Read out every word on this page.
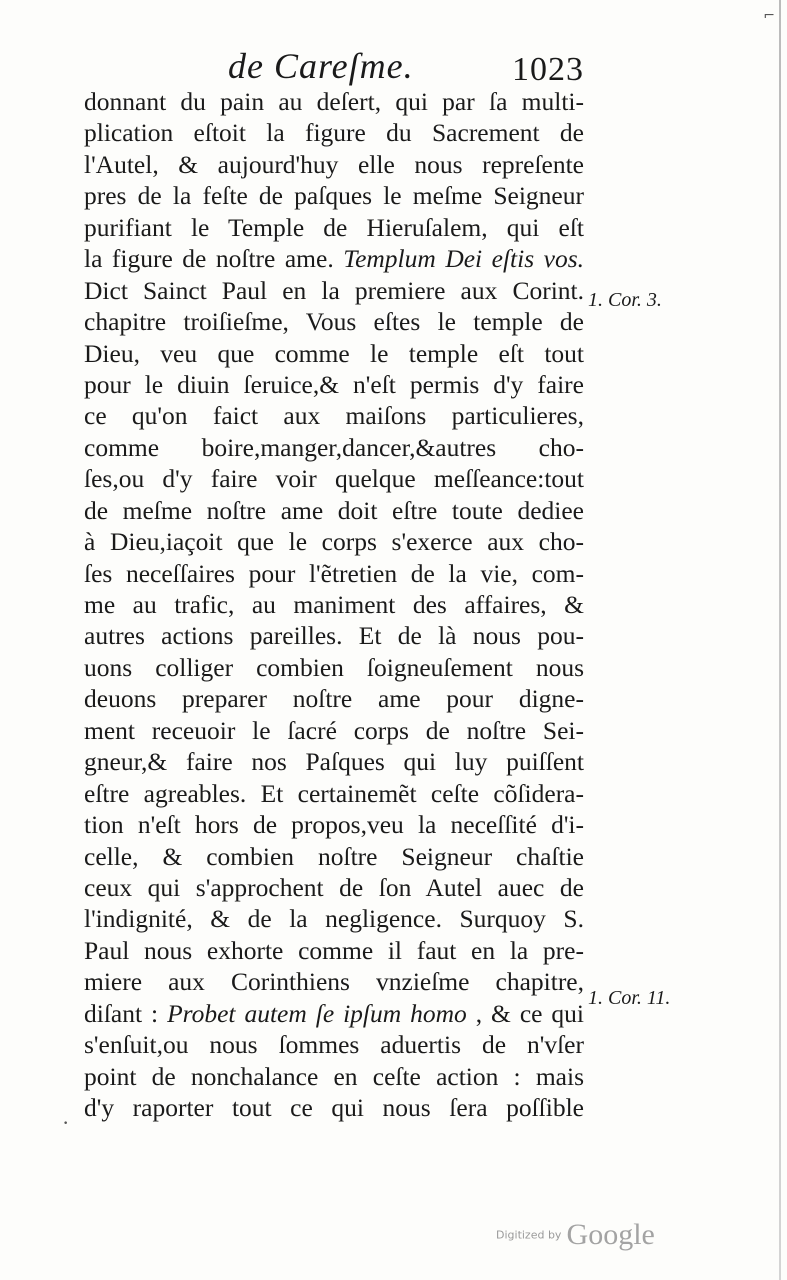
⌐
de Careſme.	1023
donnant du pain au deſert, qui par ſa multi-
plication eſtoit la figure du Sacrement de
l'Autel, & aujourd'huy elle nous repreſente
pres de la feſte de paſques le meſme Seigneur
purifiant le Temple de Hieruſalem, qui eſt
la figure de noſtre ame. Templum Dei eſtis vos.
Dict Sainct Paul en la premiere aux Corint.
chapitre troiſieſme, Vous eſtes le temple de
Dieu, veu que comme le temple eſt tout
pour le diuin ſeruice,& n'eſt permis d'y faire
ce qu'on faict aux maiſons particulieres,
comme boire,manger,dancer,&autres cho-
ſes,ou d'y faire voir quelque meſſeance:tout
de meſme noſtre ame doit eſtre toute dediee
à Dieu,iaçoit que le corps s'exerce aux cho-
ſes neceſſaires pour l'ẽtretien de la vie, com-
me au trafic, au maniment des affaires, &
autres actions pareilles. Et de là nous pou-
uons colliger combien ſoigneuſement nous
deuons preparer noſtre ame pour digne-
ment receuoir le ſacré corps de noſtre Sei-
gneur,& faire nos Paſques qui luy puiſſent
eſtre agreables. Et certainemẽt ceſte cõſidera-
tion n'eſt hors de propos,veu la neceſſité d'i-
celle, & combien noſtre Seigneur chaſtie
ceux qui s'approchent de ſon Autel auec de
l'indignité, & de la negligence. Surquoy S.
Paul nous exhorte comme il faut en la pre-
miere aux Corinthiens vnzieſme chapitre,
diſant : Probet autem ſe ipſum homo , & ce qui
s'enſuit,ou nous ſommes aduertis de n'vſer
point de nonchalance en ceſte action : mais
d'y raporter tout ce qui nous ſera poſſible
1. Cor. 3.
1. Cor. 11.
·
Digitized by Google
